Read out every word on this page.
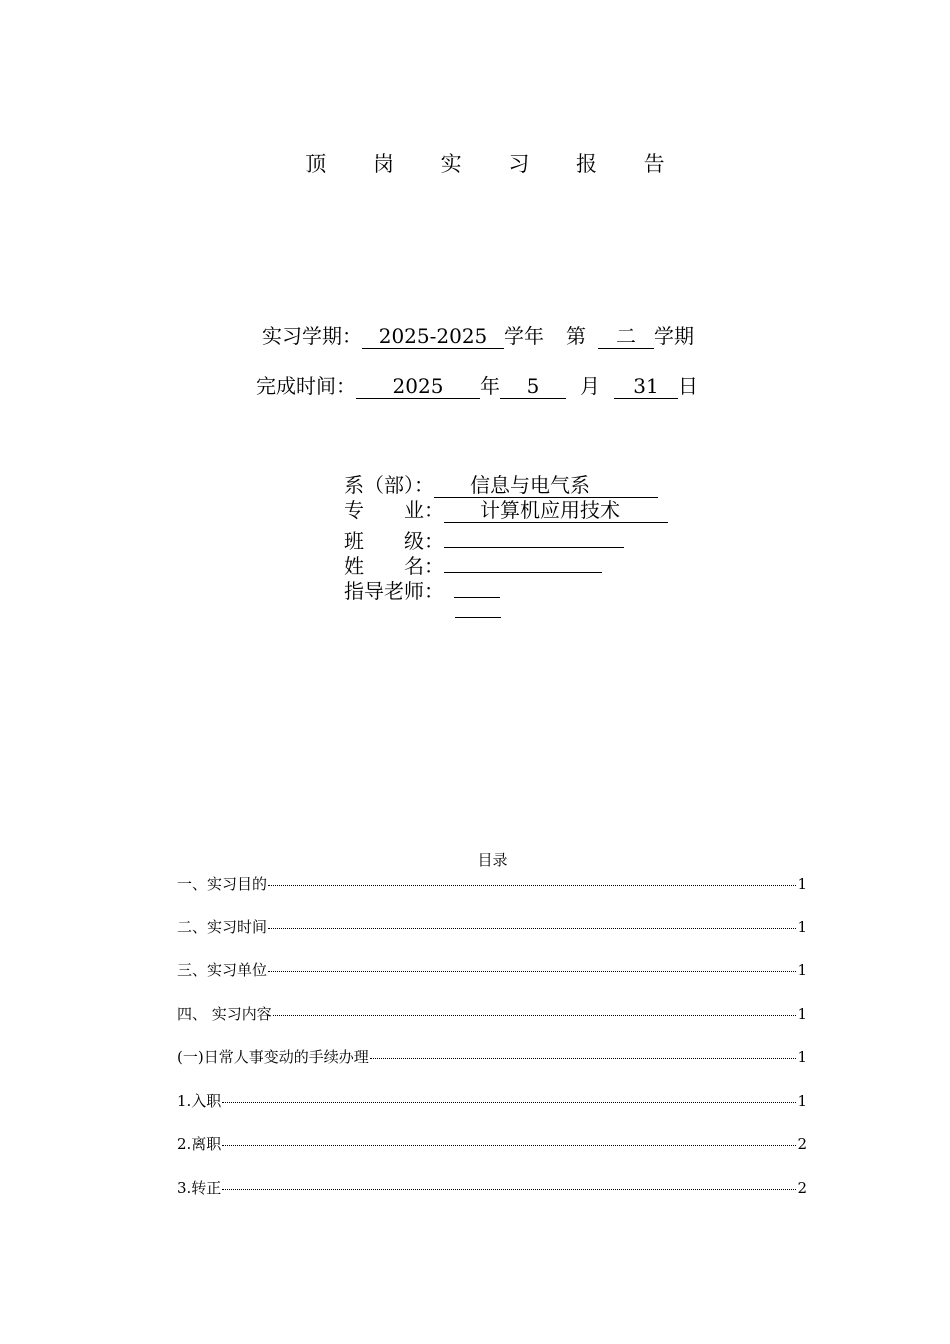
顶 岗 实 习 报 告
实习学期： 2025-2025 学年 第 二 学期
完成时间： 2025 年 5 月 31 日
系（部）： 信息与电气系
专　　业： 计算机应用技术
班　　级：
姓　　名：
指导老师：
目录
一、实习目的	1
二、实习时间	1
三、实习单位	1
四、 实习内容	1
(一)日常人事变动的手续办理	1
1.入职	1
2.离职	2
3.转正	2
